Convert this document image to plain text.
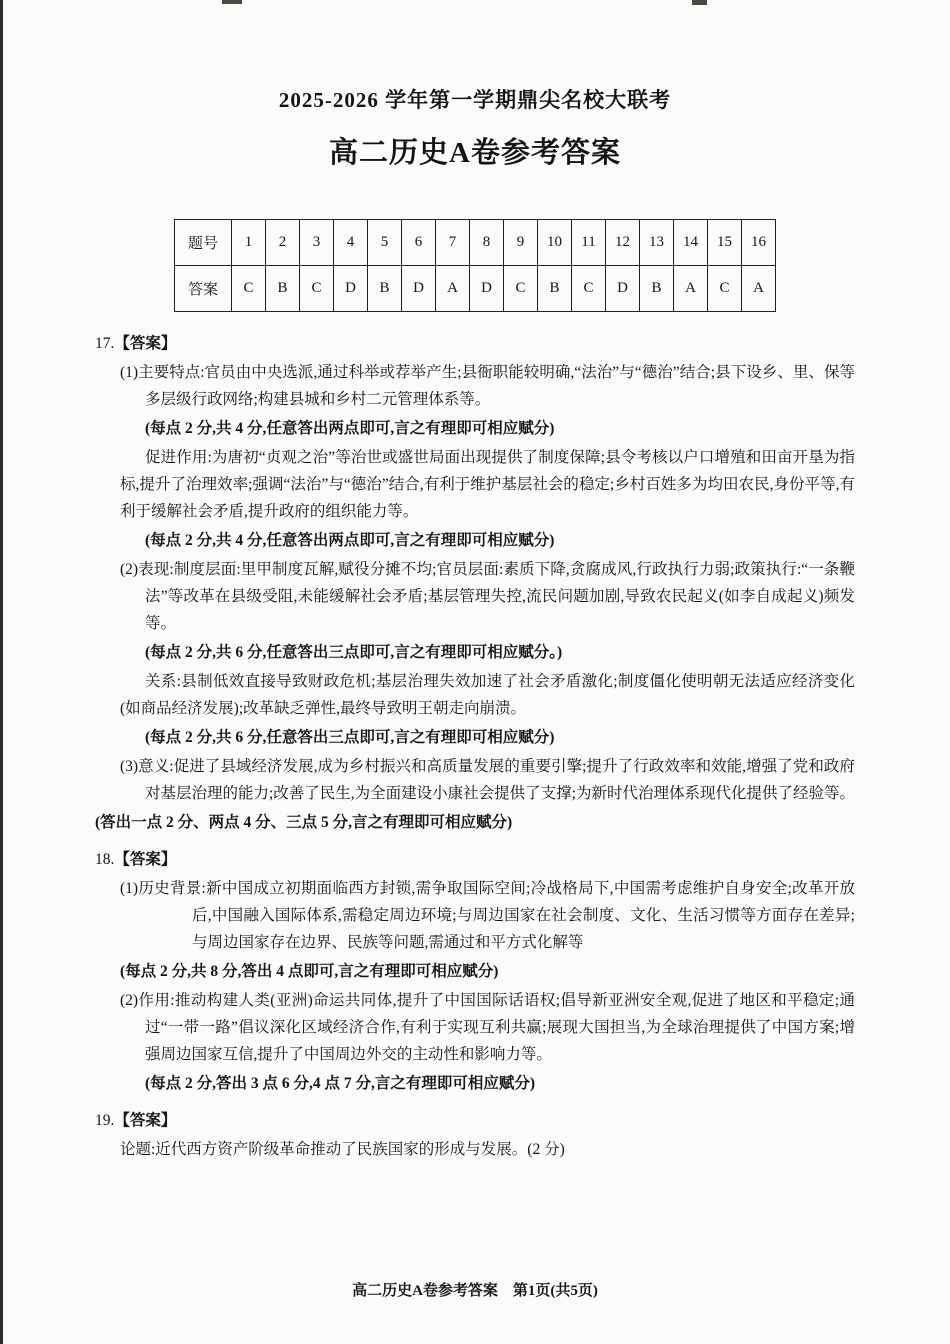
2025-2026 学年第一学期鼎尖名校大联考
高二历史A卷参考答案
题号	1	2	3	4	5	6	7	8	9	10	11	12	13	14	15	16
答案	C	B	C	D	B	D	A	D	C	B	C	D	B	A	C	A

17.【答案】

(1)主要特点:官员由中央选派,通过科举或荐举产生;县衙职能较明确,“法治”与“德治”结合;县下设乡、里、保等多层级行政网络;构建县城和乡村二元管理体系等。

(每点 2 分,共 4 分,任意答出两点即可,言之有理即可相应赋分)

促进作用:为唐初“贞观之治”等治世或盛世局面出现提供了制度保障;县令考核以户口增殖和田亩开垦为指标,提升了治理效率;强调“法治”与“德治”结合,有利于维护基层社会的稳定;乡村百姓多为均田农民,身份平等,有利于缓解社会矛盾,提升政府的组织能力等。

(每点 2 分,共 4 分,任意答出两点即可,言之有理即可相应赋分)

(2)表现:制度层面:里甲制度瓦解,赋役分摊不均;官员层面:素质下降,贪腐成风,行政执行力弱;政策执行:“一条鞭法”等改革在县级受阻,未能缓解社会矛盾;基层管理失控,流民问题加剧,导致农民起义(如李自成起义)频发等。

(每点 2 分,共 6 分,任意答出三点即可,言之有理即可相应赋分。)

关系:县制低效直接导致财政危机;基层治理失效加速了社会矛盾激化;制度僵化使明朝无法适应经济变化(如商品经济发展);改革缺乏弹性,最终导致明王朝走向崩溃。

(每点 2 分,共 6 分,任意答出三点即可,言之有理即可相应赋分)

(3)意义:促进了县域经济发展,成为乡村振兴和高质量发展的重要引擎;提升了行政效率和效能,增强了党和政府对基层治理的能力;改善了民生,为全面建设小康社会提供了支撑;为新时代治理体系现代化提供了经验等。

(答出一点 2 分、两点 4 分、三点 5 分,言之有理即可相应赋分)

18.【答案】

(1)历史背景:新中国成立初期面临西方封锁,需争取国际空间;冷战格局下,中国需考虑维护自身安全;改革开放后,中国融入国际体系,需稳定周边环境;与周边国家在社会制度、文化、生活习惯等方面存在差异;与周边国家存在边界、民族等问题,需通过和平方式化解等

(每点 2 分,共 8 分,答出 4 点即可,言之有理即可相应赋分)

(2)作用:推动构建人类(亚洲)命运共同体,提升了中国国际话语权;倡导新亚洲安全观,促进了地区和平稳定;通过“一带一路”倡议深化区域经济合作,有利于实现互利共赢;展现大国担当,为全球治理提供了中国方案;增强周边国家互信,提升了中国周边外交的主动性和影响力等。

(每点 2 分,答出 3 点 6 分,4 点 7 分,言之有理即可相应赋分)

19.【答案】

论题:近代西方资产阶级革命推动了民族国家的形成与发展。(2 分)

高二历史A卷参考答案　第1页(共5页)
